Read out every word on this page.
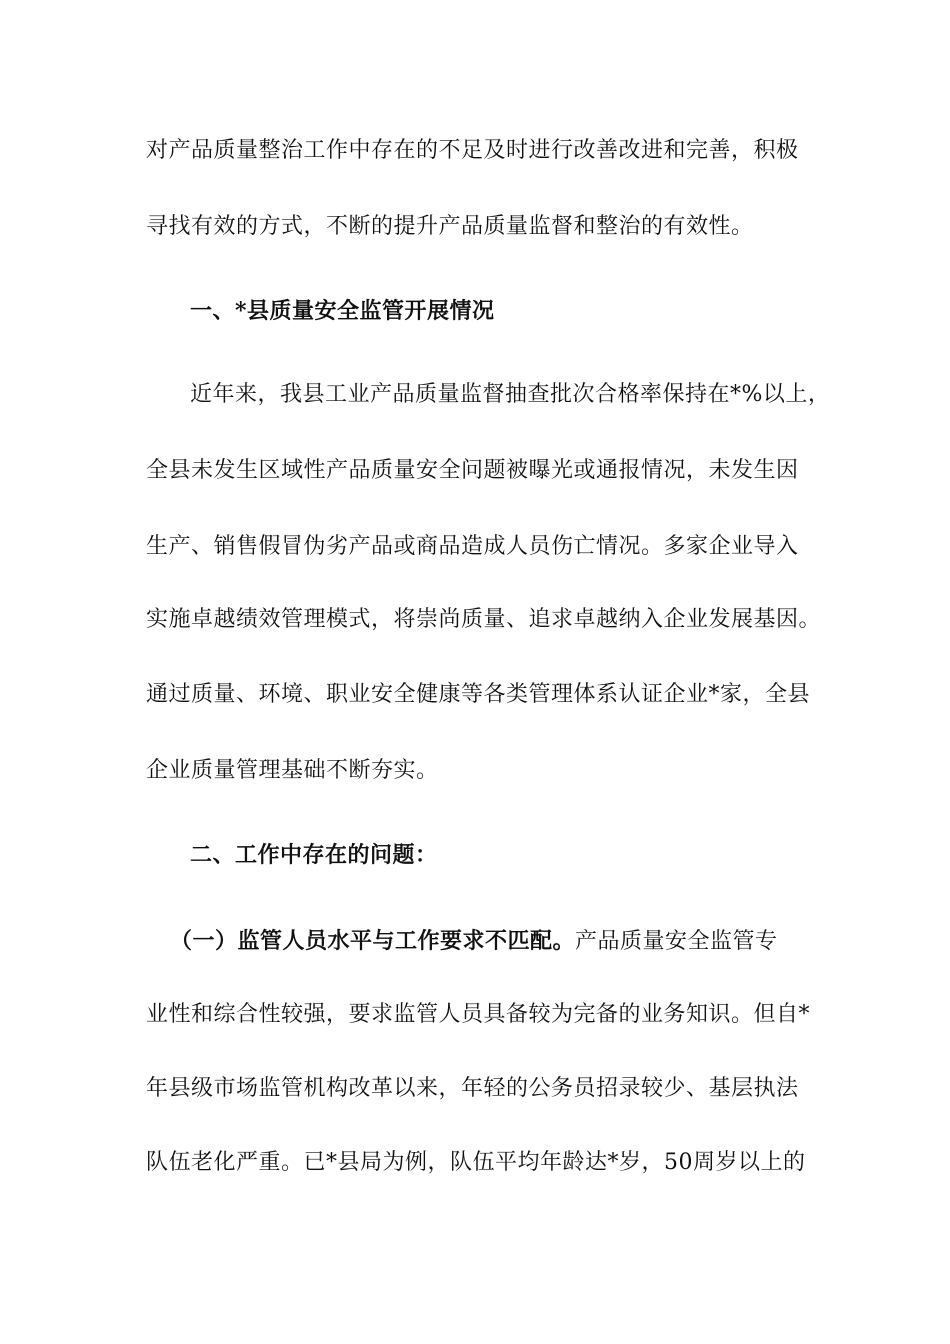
对产品质量整治工作中存在的不足及时进行改善改进和完善，积极
寻找有效的方式，不断的提升产品质量监督和整治的有效性。
一、*县质量安全监管开展情况
近年来，我县工业产品质量监督抽查批次合格率保持在*%以上，
全县未发生区域性产品质量安全问题被曝光或通报情况，未发生因
生产、销售假冒伪劣产品或商品造成人员伤亡情况。多家企业导入
实施卓越绩效管理模式，将崇尚质量、追求卓越纳入企业发展基因。
通过质量、环境、职业安全健康等各类管理体系认证企业*家，全县
企业质量管理基础不断夯实。
二、工作中存在的问题：
（一）监管人员水平与工作要求不匹配。产品质量安全监管专
业性和综合性较强，要求监管人员具备较为完备的业务知识。但自*
年县级市场监管机构改革以来，年轻的公务员招录较少、基层执法
队伍老化严重。已*县局为例，队伍平均年龄达*岁，50周岁以上的
